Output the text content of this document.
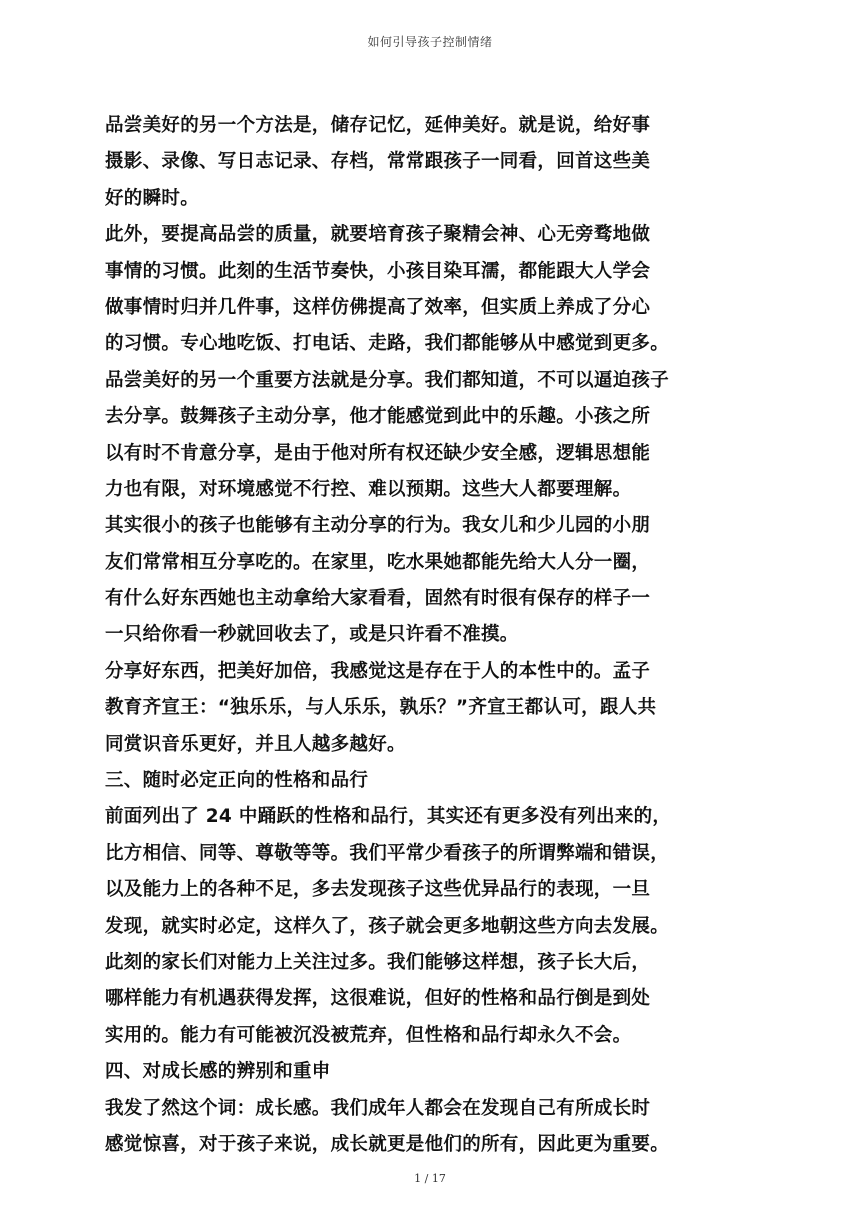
如何引导孩子控制情绪
品尝美好的另一个方法是，储存记忆，延伸美好。就是说，给好事
摄影、录像、写日志记录、存档，常常跟孩子一同看，回首这些美
好的瞬时。
此外，要提高品尝的质量，就要培育孩子聚精会神、心无旁骛地做
事情的习惯。此刻的生活节奏快，小孩目染耳濡，都能跟大人学会
做事情时归并几件事，这样仿佛提高了效率，但实质上养成了分心
的习惯。专心地吃饭、打电话、走路，我们都能够从中感觉到更多。
品尝美好的另一个重要方法就是分享。我们都知道，不可以逼迫孩子
去分享。鼓舞孩子主动分享，他才能感觉到此中的乐趣。小孩之所
以有时不肯意分享，是由于他对所有权还缺少安全感，逻辑思想能
力也有限，对环境感觉不行控、难以预期。这些大人都要理解。
其实很小的孩子也能够有主动分享的行为。我女儿和少儿园的小朋
友们常常相互分享吃的。在家里，吃水果她都能先给大人分一圈，
有什么好东西她也主动拿给大家看看，固然有时很有保存的样子一
一只给你看一秒就回收去了，或是只许看不准摸。
分享好东西，把美好加倍，我感觉这是存在于人的本性中的。孟子
教育齐宣王：“独乐乐，与人乐乐，孰乐？”齐宣王都认可，跟人共
同赏识音乐更好，并且人越多越好。
三、随时必定正向的性格和品行
前面列出了 24 中踊跃的性格和品行，其实还有更多没有列出来的，
比方相信、同等、尊敬等等。我们平常少看孩子的所谓弊端和错误，
以及能力上的各种不足，多去发现孩子这些优异品行的表现，一旦
发现，就实时必定，这样久了，孩子就会更多地朝这些方向去发展。
此刻的家长们对能力上关注过多。我们能够这样想，孩子长大后，
哪样能力有机遇获得发挥，这很难说，但好的性格和品行倒是到处
实用的。能力有可能被沉没被荒弃，但性格和品行却永久不会。
四、对成长感的辨别和重申
我发了然这个词：成长感。我们成年人都会在发现自己有所成长时
感觉惊喜，对于孩子来说，成长就更是他们的所有，因此更为重要。
1 / 17
